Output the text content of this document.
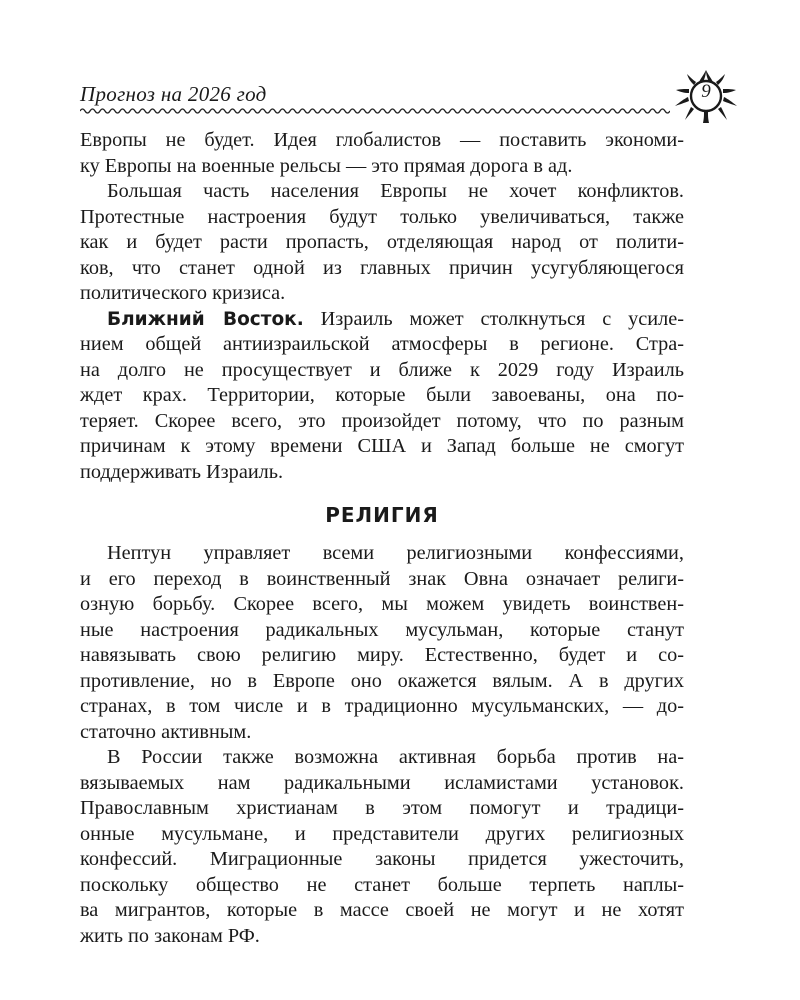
Прогноз на 2026 год	9
Европы не будет. Идея глобалистов — поставить экономи-
ку Европы на военные рельсы — это прямая дорога в ад.
Большая часть населения Европы не хочет конфликтов.
Протестные настроения будут только увеличиваться, также
как и будет расти пропасть, отделяющая народ от полити-
ков, что станет одной из главных причин усугубляющегося
политического кризиса.
Ближний Восток. Израиль может столкнуться с усиле-
нием общей антиизраильской атмосферы в регионе. Стра-
на долго не просуществует и ближе к 2029 году Израиль
ждет крах. Территории, которые были завоеваны, она по-
теряет. Скорее всего, это произойдет потому, что по разным
причинам к этому времени США и Запад больше не смогут
поддерживать Израиль.
РЕЛИГИЯ
Нептун управляет всеми религиозными конфессиями,
и его переход в воинственный знак Овна означает религи-
озную борьбу. Скорее всего, мы можем увидеть воинствен-
ные настроения радикальных мусульман, которые станут
навязывать свою религию миру. Естественно, будет и со-
противление, но в Европе оно окажется вялым. А в других
странах, в том числе и в традиционно мусульманских, — до-
статочно активным.
В России также возможна активная борьба против на-
вязываемых нам радикальными исламистами установок.
Православным христианам в этом помогут и традици-
онные мусульмане, и представители других религиозных
конфессий. Миграционные законы придется ужесточить,
поскольку общество не станет больше терпеть наплы-
ва мигрантов, которые в массе своей не могут и не хотят
жить по законам РФ.
